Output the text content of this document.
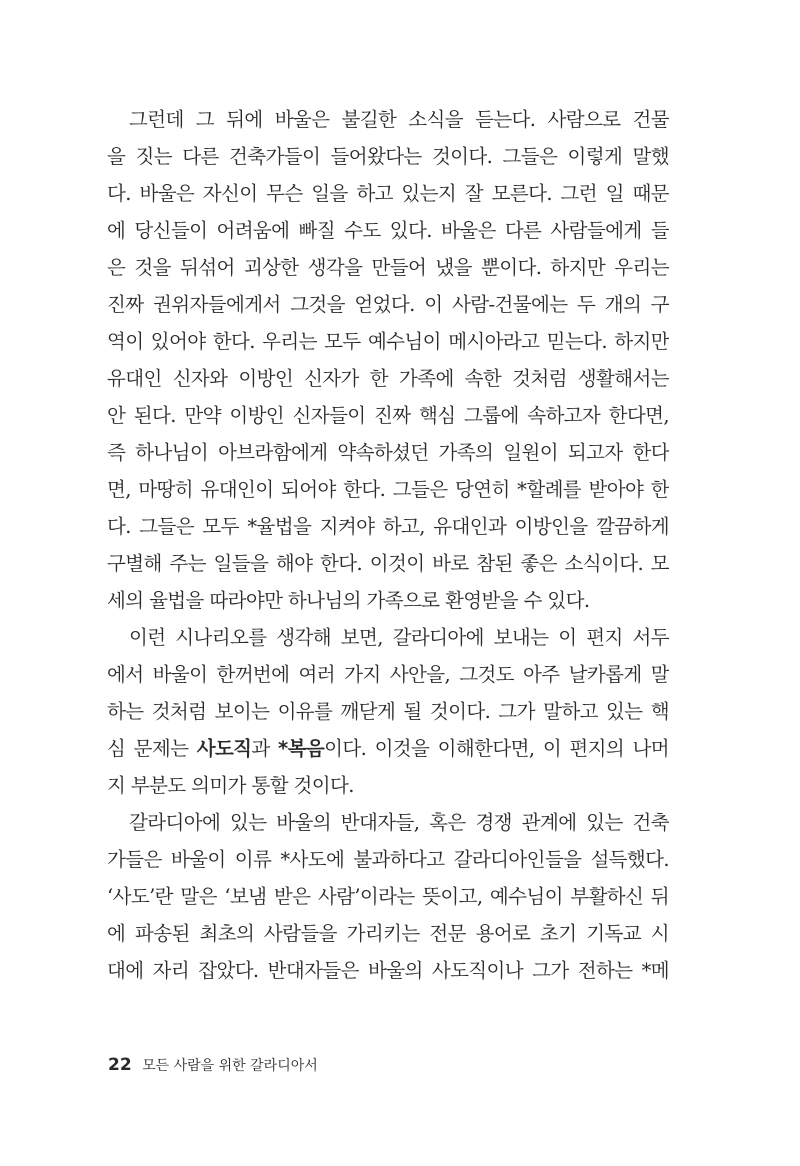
그런데 그 뒤에 바울은 불길한 소식을 듣는다. 사람으로 건물
을 짓는 다른 건축가들이 들어왔다는 것이다. 그들은 이렇게 말했
다. 바울은 자신이 무슨 일을 하고 있는지 잘 모른다. 그런 일 때문
에 당신들이 어려움에 빠질 수도 있다. 바울은 다른 사람들에게 들
은 것을 뒤섞어 괴상한 생각을 만들어 냈을 뿐이다. 하지만 우리는
진짜 권위자들에게서 그것을 얻었다. 이 사람-건물에는 두 개의 구
역이 있어야 한다. 우리는 모두 예수님이 메시아라고 믿는다. 하지만
유대인 신자와 이방인 신자가 한 가족에 속한 것처럼 생활해서는
안 된다. 만약 이방인 신자들이 진짜 핵심 그룹에 속하고자 한다면,
즉 하나님이 아브라함에게 약속하셨던 가족의 일원이 되고자 한다
면, 마땅히 유대인이 되어야 한다. 그들은 당연히 *할례를 받아야 한
다. 그들은 모두 *율법을 지켜야 하고, 유대인과 이방인을 깔끔하게
구별해 주는 일들을 해야 한다. 이것이 바로 참된 좋은 소식이다. 모
세의 율법을 따라야만 하나님의 가족으로 환영받을 수 있다.
이런 시나리오를 생각해 보면, 갈라디아에 보내는 이 편지 서두
에서 바울이 한꺼번에 여러 가지 사안을, 그것도 아주 날카롭게 말
하는 것처럼 보이는 이유를 깨닫게 될 것이다. 그가 말하고 있는 핵
심 문제는 사도직과 *복음이다. 이것을 이해한다면, 이 편지의 나머
지 부분도 의미가 통할 것이다.
갈라디아에 있는 바울의 반대자들, 혹은 경쟁 관계에 있는 건축
가들은 바울이 이류 *사도에 불과하다고 갈라디아인들을 설득했다.
‘사도’란 말은 ‘보냄 받은 사람’이라는 뜻이고, 예수님이 부활하신 뒤
에 파송된 최초의 사람들을 가리키는 전문 용어로 초기 기독교 시
대에 자리 잡았다. 반대자들은 바울의 사도직이나 그가 전하는 *메
22 모든 사람을 위한 갈라디아서
